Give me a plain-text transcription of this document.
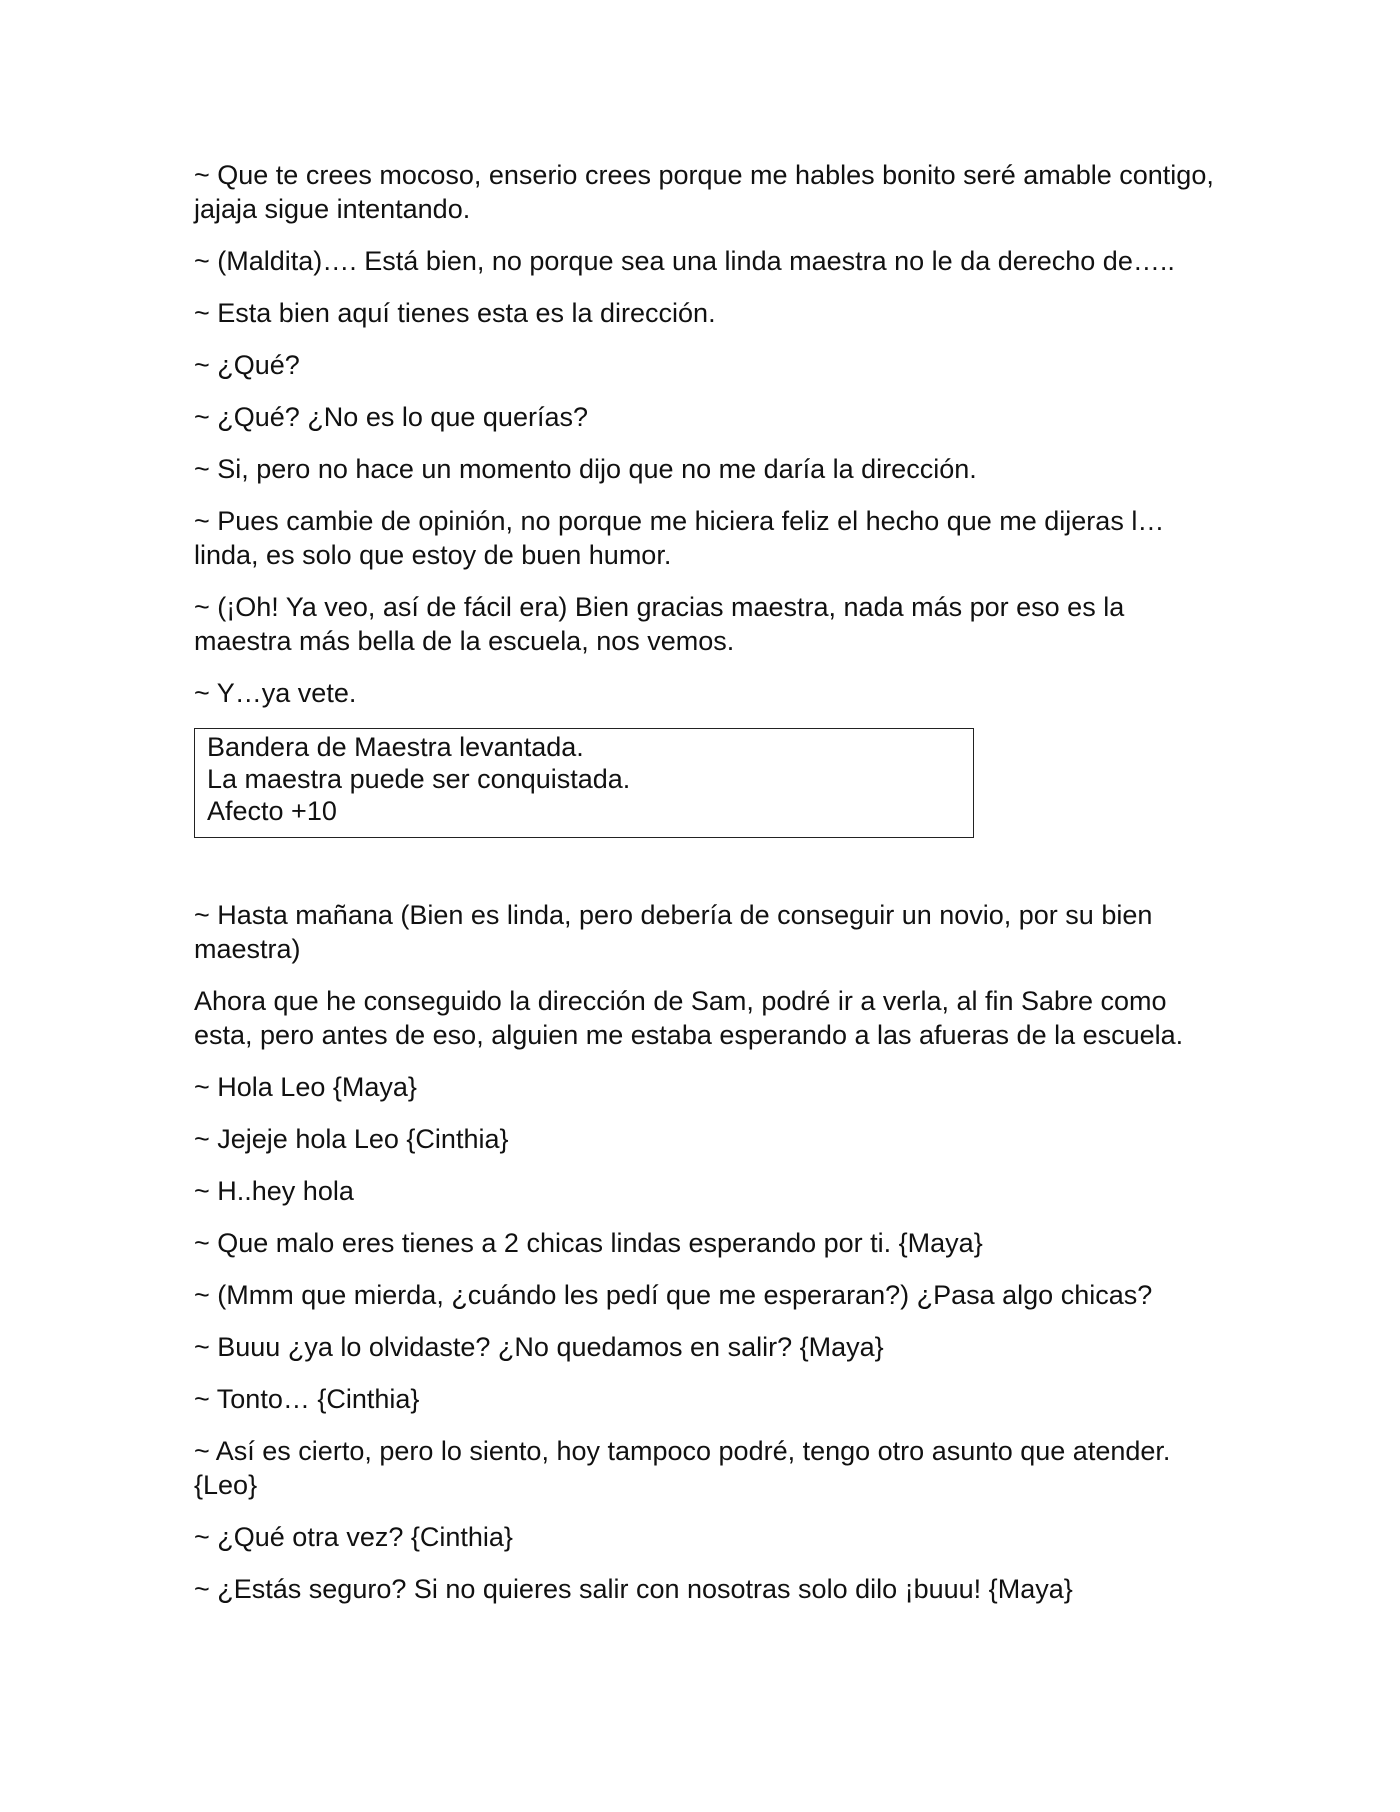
~ Que te crees mocoso, enserio crees porque me hables bonito seré amable contigo, jajaja sigue intentando.

~ (Maldita)…. Está bien, no porque sea una linda maestra no le da derecho de…..

~ Esta bien aquí tienes esta es la dirección.

~ ¿Qué?

~ ¿Qué? ¿No es lo que querías?

~ Si, pero no hace un momento dijo que no me daría la dirección.

~ Pues cambie de opinión, no porque me hiciera feliz el hecho que me dijeras l…linda, es solo que estoy de buen humor.

~ (¡Oh! Ya veo, así de fácil era) Bien gracias maestra, nada más por eso es la maestra más bella de la escuela, nos vemos.

~ Y…ya vete.

Bandera de Maestra levantada.
La maestra puede ser conquistada.
Afecto +10

~ Hasta mañana (Bien es linda, pero debería de conseguir un novio, por su bien maestra)

Ahora que he conseguido la dirección de Sam, podré ir a verla, al fin Sabre como esta, pero antes de eso, alguien me estaba esperando a las afueras de la escuela.

~ Hola Leo {Maya}

~ Jejeje hola Leo {Cinthia}

~ H..hey hola

~ Que malo eres tienes a 2 chicas lindas esperando por ti. {Maya}

~ (Mmm que mierda, ¿cuándo les pedí que me esperaran?) ¿Pasa algo chicas?

~ Buuu ¿ya lo olvidaste? ¿No quedamos en salir? {Maya}

~ Tonto… {Cinthia}

~ Así es cierto, pero lo siento, hoy tampoco podré, tengo otro asunto que atender. {Leo}

~ ¿Qué otra vez? {Cinthia}

~ ¿Estás seguro? Si no quieres salir con nosotras solo dilo ¡buuu! {Maya}
